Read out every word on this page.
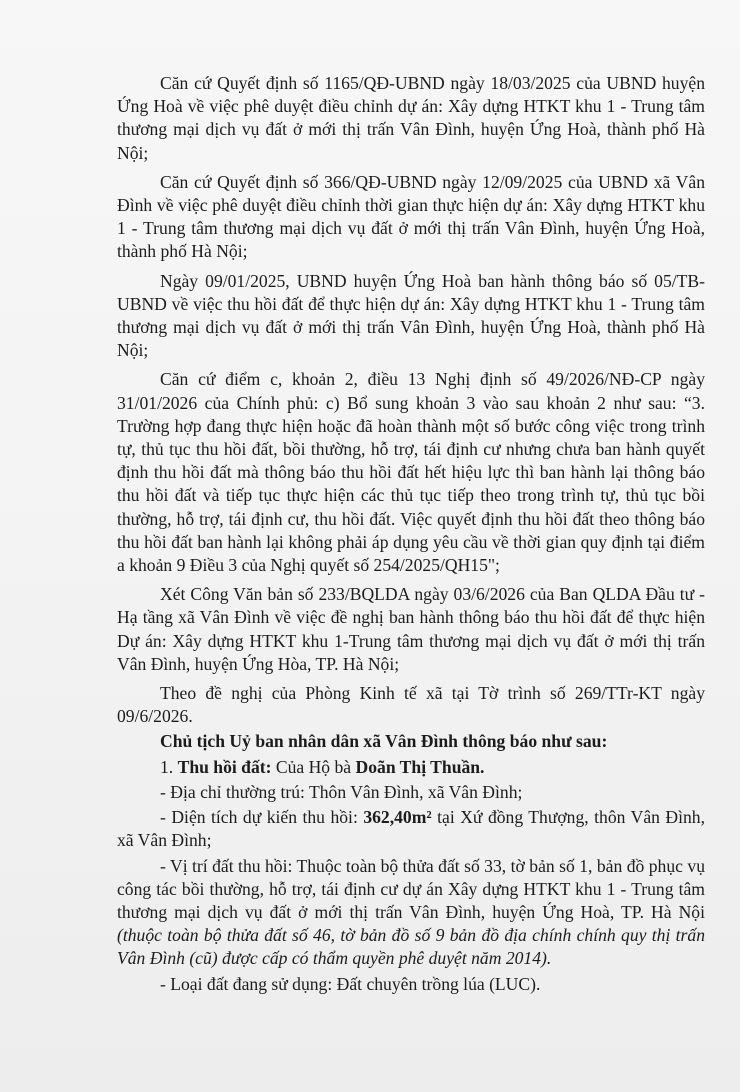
Căn cứ Quyết định số 1165/QĐ-UBND ngày 18/03/2025 của UBND huyện Ứng Hoà về việc phê duyệt điều chỉnh dự án: Xây dựng HTKT khu 1 - Trung tâm thương mại dịch vụ đất ở mới thị trấn Vân Đình, huyện Ứng Hoà, thành phố Hà Nội;

Căn cứ Quyết định số 366/QĐ-UBND ngày 12/09/2025 của UBND xã Vân Đình về việc phê duyệt điều chỉnh thời gian thực hiện dự án: Xây dựng HTKT khu 1 - Trung tâm thương mại dịch vụ đất ở mới thị trấn Vân Đình, huyện Ứng Hoà, thành phố Hà Nội;

Ngày 09/01/2025, UBND huyện Ứng Hoà ban hành thông báo số 05/TB-UBND về việc thu hồi đất để thực hiện dự án: Xây dựng HTKT khu 1 - Trung tâm thương mại dịch vụ đất ở mới thị trấn Vân Đình, huyện Ứng Hoà, thành phố Hà Nội;

Căn cứ điểm c, khoản 2, điều 13 Nghị định số 49/2026/NĐ-CP ngày 31/01/2026 của Chính phủ: c) Bổ sung khoản 3 vào sau khoản 2 như sau: “3. Trường hợp đang thực hiện hoặc đã hoàn thành một số bước công việc trong trình tự, thủ tục thu hồi đất, bồi thường, hỗ trợ, tái định cư nhưng chưa ban hành quyết định thu hồi đất mà thông báo thu hồi đất hết hiệu lực thì ban hành lại thông báo thu hồi đất và tiếp tục thực hiện các thủ tục tiếp theo trong trình tự, thủ tục bồi thường, hỗ trợ, tái định cư, thu hồi đất. Việc quyết định thu hồi đất theo thông báo thu hồi đất ban hành lại không phải áp dụng yêu cầu về thời gian quy định tại điểm a khoản 9 Điều 3 của Nghị quyết số 254/2025/QH15";

Xét Công Văn bản số 233/BQLDA ngày 03/6/2026 của Ban QLDA Đầu tư - Hạ tầng xã Vân Đình về việc đề nghị ban hành thông báo thu hồi đất để thực hiện Dự án: Xây dựng HTKT khu 1-Trung tâm thương mại dịch vụ đất ở mới thị trấn Vân Đình, huyện Ứng Hòa, TP. Hà Nội;

Theo đề nghị của Phòng Kinh tế xã tại Tờ trình số 269/TTr-KT ngày 09/6/2026.

Chủ tịch Uỷ ban nhân dân xã Vân Đình thông báo như sau:

1. Thu hồi đất: Của Hộ bà Doãn Thị Thuần.

- Địa chỉ thường trú: Thôn Vân Đình, xã Vân Đình;

- Diện tích dự kiến thu hồi: 362,40m² tại Xứ đồng Thượng, thôn Vân Đình, xã Vân Đình;

- Vị trí đất thu hồi: Thuộc toàn bộ thửa đất số 33, tờ bản số 1, bản đồ phục vụ công tác bồi thường, hỗ trợ, tái định cư dự án Xây dựng HTKT khu 1 - Trung tâm thương mại dịch vụ đất ở mới thị trấn Vân Đình, huyện Ứng Hoà, TP. Hà Nội (thuộc toàn bộ thửa đất số 46, tờ bản đồ số 9 bản đồ địa chính chính quy thị trấn Vân Đình (cũ) được cấp có thẩm quyền phê duyệt năm 2014).

- Loại đất đang sử dụng: Đất chuyên trồng lúa (LUC).
